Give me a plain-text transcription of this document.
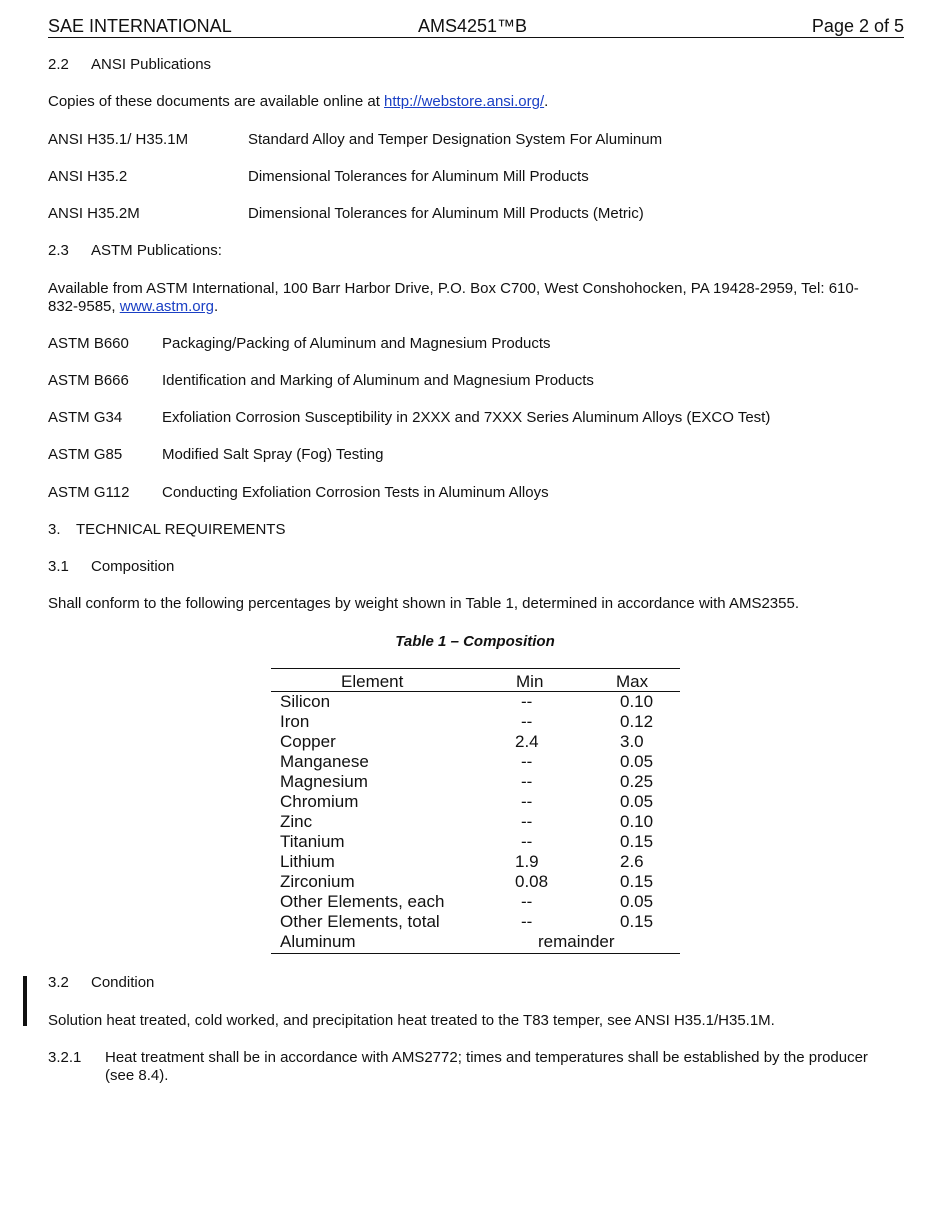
SAE INTERNATIONAL	AMS4251™B	Page 2 of 5
2.2 ANSI Publications
Copies of these documents are available online at http://webstore.ansi.org/.
ANSI H35.1/ H35.1M	Standard Alloy and Temper Designation System For Aluminum
ANSI H35.2	Dimensional Tolerances for Aluminum Mill Products
ANSI H35.2M	Dimensional Tolerances for Aluminum Mill Products (Metric)
2.3 ASTM Publications:
Available from ASTM International, 100 Barr Harbor Drive, P.O. Box C700, West Conshohocken, PA 19428-2959, Tel: 610-
832-9585, www.astm.org.
ASTM B660 Packaging/Packing of Aluminum and Magnesium Products
ASTM B666 Identification and Marking of Aluminum and Magnesium Products
ASTM G34	Exfoliation Corrosion Susceptibility in 2XXX and 7XXX Series Aluminum Alloys (EXCO Test)
ASTM G85	Modified Salt Spray (Fog) Testing
ASTM G112 Conducting Exfoliation Corrosion Tests in Aluminum Alloys
3. TECHNICAL REQUIREMENTS
3.1 Composition
Shall conform to the following percentages by weight shown in Table 1, determined in accordance with AMS2355.
Table 1 – Composition
Element	Min	Max
Silicon	--	0.10
Iron	--	0.12
Copper	2.4	3.0
Manganese	--	0.05
Magnesium	--	0.25
Chromium	--	0.05
Zinc	--	0.10
Titanium	--	0.15
Lithium	1.9	2.6
Zirconium	0.08	0.15
Other Elements, each	--	0.05
Other Elements, total	--	0.15
Aluminum	remainder
3.2 Condition
Solution heat treated, cold worked, and precipitation heat treated to the T83 temper, see ANSI H35.1/H35.1M.
3.2.1 Heat treatment shall be in accordance with AMS2772; times and temperatures shall be established by the producer
(see 8.4).
